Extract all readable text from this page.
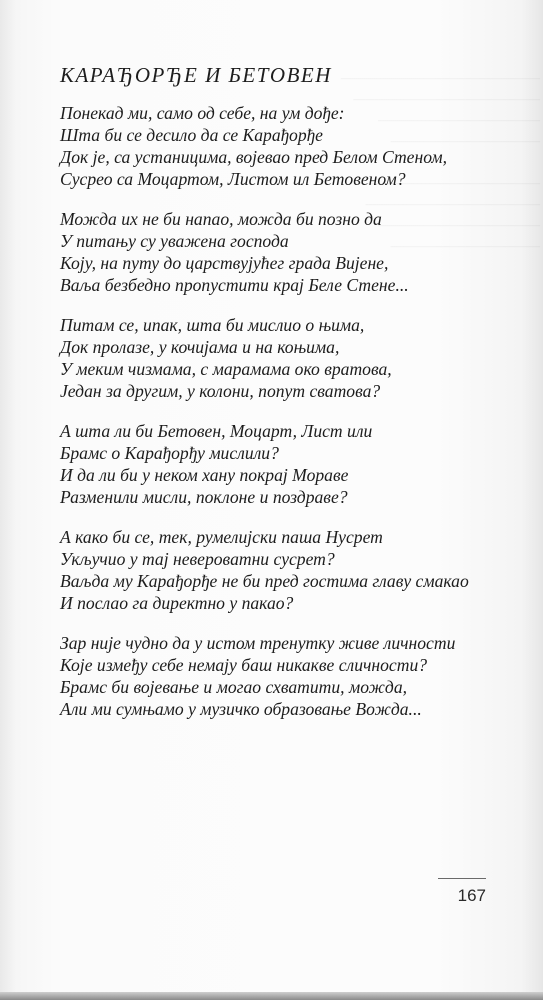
————————————————
———————————————
—————————————
————————————

———————————————
——————————————
—————————————
————————————
КАРАЂОРЂЕ И БЕТОВЕН
Понекад ми, само од себе, на ум дође:
Шта би се десило да се Карађорђе
Док је, са устаницима, војевао пред Белом Стеном,
Сусрео са Моцартом, Листом ил Бетовеном?
Можда их не би напао, можда би позно да
У питању су уважена господа
Коју, на путу до царствујућег града Вијене,
Ваља безбедно пропустити крај Беле Стене...
Питам се, ипак, шта би мислио о њима,
Док пролазе, у кочијама и на коњима,
У меким чизмама, с марамама око вратова,
Један за другим, у колони, попут сватова?
А шта ли би Бетовен, Моцарт, Лист или
Брамс о Карађорђу мислили?
И да ли би у неком хану покрај Мораве
Разменили мисли, поклоне и поздраве?
А како би се, тек, румелијски паша Нусрет
Укључио у тај невероватни сусрет?
Ваљда му Карађорђе не би пред гостима главу смакао
И послао га директно у пакао?
Зар није чудно да у истом тренутку живе личности
Које између себе немају баш никакве сличности?
Брамс би војевање и могао схватити, можда,
Али ми сумњамо у музичко образовање Вожда...
167
